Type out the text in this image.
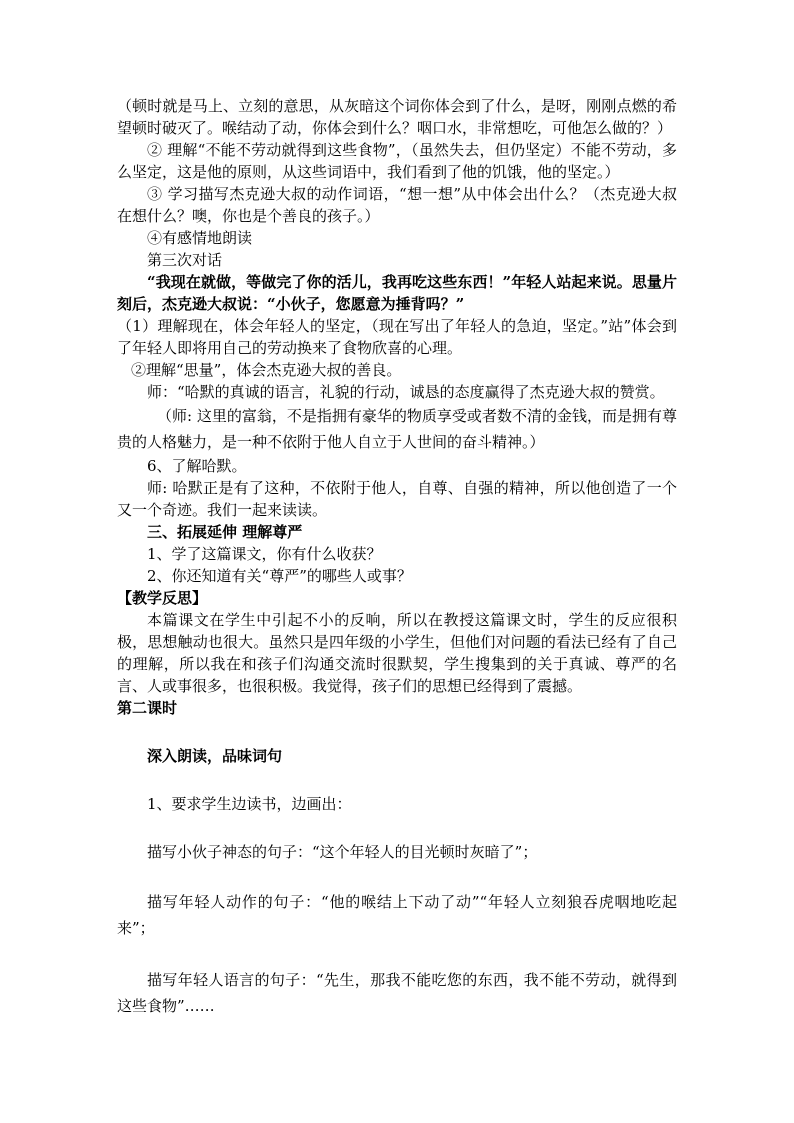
（顿时就是马上、立刻的意思，从灰暗这个词你体会到了什么，是呀，刚刚点燃的希望顿时破灭了。喉结动了动，你体会到什么？咽口水，非常想吃，可他怎么做的？）

② 理解“不能不劳动就得到这些食物”，（虽然失去，但仍坚定）不能不劳动，多么坚定，这是他的原则，从这些词语中，我们看到了他的饥饿，他的坚定。）

③ 学习描写杰克逊大叔的动作词语，“想一想”从中体会出什么？（杰克逊大叔在想什么？噢，你也是个善良的孩子。）

④有感情地朗读

第三次对话

“我现在就做，等做完了你的活儿，我再吃这些东西！”年轻人站起来说。思量片刻后，杰克逊大叔说：“小伙子，您愿意为捶背吗？”

（1）理解现在，体会年轻人的坚定，（现在写出了年轻人的急迫，坚定。”站”体会到了年轻人即将用自己的劳动换来了食物欣喜的心理。

②理解“思量”，体会杰克逊大叔的善良。

师：“哈默的真诚的语言，礼貌的行动，诚恳的态度赢得了杰克逊大叔的赞赏。

（师: 这里的富翁，不是指拥有豪华的物质享受或者数不清的金钱，而是拥有尊贵的人格魅力，是一种不依附于他人自立于人世间的奋斗精神。）

6、了解哈默。

师: 哈默正是有了这种，不依附于他人，自尊、自强的精神，所以他创造了一个又一个奇迹。我们一起来读读。

三、拓展延伸 理解尊严

1、学了这篇课文，你有什么收获？

2、你还知道有关“尊严”的哪些人或事？

【教学反思】

本篇课文在学生中引起不小的反响，所以在教授这篇课文时，学生的反应很积极，思想触动也很大。虽然只是四年级的小学生，但他们对问题的看法已经有了自己的理解，所以我在和孩子们沟通交流时很默契，学生搜集到的关于真诚、尊严的名言、人或事很多，也很积极。我觉得，孩子们的思想已经得到了震撼。

第二课时

深入朗读，品味词句

1、要求学生边读书，边画出：

描写小伙子神态的句子：“这个年轻人的目光顿时灰暗了”；

描写年轻人动作的句子：“他的喉结上下动了动”“年轻人立刻狼吞虎咽地吃起来”；

描写年轻人语言的句子：“先生，那我不能吃您的东西，我不能不劳动，就得到这些食物”……
